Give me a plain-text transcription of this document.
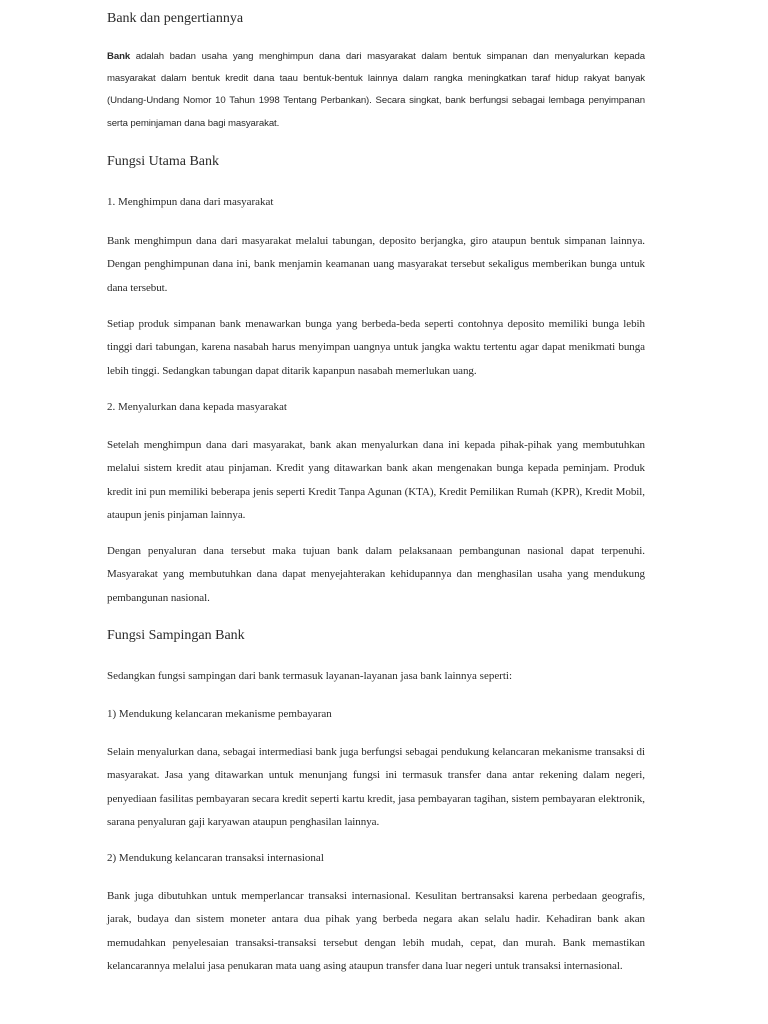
Bank dan pengertiannya

Bank adalah badan usaha yang menghimpun dana dari masyarakat dalam bentuk simpanan dan menyalurkan kepada masyarakat dalam bentuk kredit dana taau bentuk-bentuk lainnya dalam rangka meningkatkan taraf hidup rakyat banyak (Undang-Undang Nomor 10 Tahun 1998 Tentang Perbankan). Secara singkat, bank berfungsi sebagai lembaga penyimpanan serta peminjaman dana bagi masyarakat.

Fungsi Utama Bank

1. Menghimpun dana dari masyarakat

Bank menghimpun dana dari masyarakat melalui tabungan, deposito berjangka, giro ataupun bentuk simpanan lainnya. Dengan penghimpunan dana ini, bank menjamin keamanan uang masyarakat tersebut sekaligus memberikan bunga untuk dana tersebut.

Setiap produk simpanan bank menawarkan bunga yang berbeda-beda seperti contohnya deposito memiliki bunga lebih tinggi dari tabungan, karena nasabah harus menyimpan uangnya untuk jangka waktu tertentu agar dapat menikmati bunga lebih tinggi. Sedangkan tabungan dapat ditarik kapanpun nasabah memerlukan uang.

2. Menyalurkan dana kepada masyarakat

Setelah menghimpun dana dari masyarakat, bank akan menyalurkan dana ini kepada pihak-pihak yang membutuhkan melalui sistem kredit atau pinjaman. Kredit yang ditawarkan bank akan mengenakan bunga kepada peminjam. Produk kredit ini pun memiliki beberapa jenis seperti Kredit Tanpa Agunan (KTA), Kredit Pemilikan Rumah (KPR), Kredit Mobil, ataupun jenis pinjaman lainnya.

Dengan penyaluran dana tersebut maka tujuan bank dalam pelaksanaan pembangunan nasional dapat terpenuhi. Masyarakat yang membutuhkan dana dapat menyejahterakan kehidupannya dan menghasilan usaha yang mendukung pembangunan nasional.

Fungsi Sampingan Bank

Sedangkan fungsi sampingan dari bank termasuk layanan-layanan jasa bank lainnya seperti:

1) Mendukung kelancaran mekanisme pembayaran

Selain menyalurkan dana, sebagai intermediasi bank juga berfungsi sebagai pendukung kelancaran mekanisme transaksi di masyarakat. Jasa yang ditawarkan untuk menunjang fungsi ini termasuk transfer dana antar rekening dalam negeri, penyediaan fasilitas pembayaran secara kredit seperti kartu kredit, jasa pembayaran tagihan, sistem pembayaran elektronik, sarana penyaluran gaji karyawan ataupun penghasilan lainnya.

2) Mendukung kelancaran transaksi internasional

Bank juga dibutuhkan untuk memperlancar transaksi internasional. Kesulitan bertransaksi karena perbedaan geografis, jarak, budaya dan sistem moneter antara dua pihak yang berbeda negara akan selalu hadir. Kehadiran bank akan memudahkan penyelesaian transaksi-transaksi tersebut dengan lebih mudah, cepat, dan murah. Bank memastikan kelancarannya melalui jasa penukaran mata uang asing ataupun transfer dana luar negeri untuk transaksi internasional.
